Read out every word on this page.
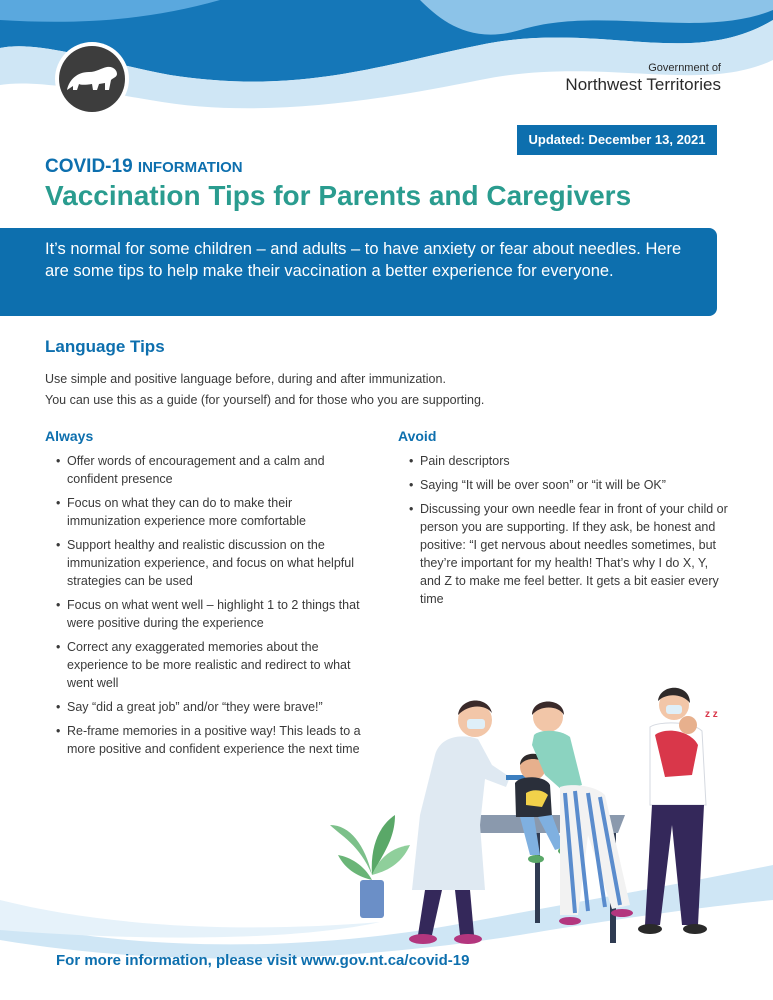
Government of
Northwest Territories
Updated: December 13, 2021
COVID-19 INFORMATION
Vaccination Tips for Parents and Caregivers

It’s normal for some children – and adults – to have anxiety or fear about needles. Here are some tips to help make their vaccination a better experience for everyone.

Language Tips
Use simple and positive language before, during and after immunization.
You can use this as a guide (for yourself) and for those who you are supporting.
Always
• Offer words of encouragement and a calm and confident presence
• Focus on what they can do to make their immunization experience more comfortable
• Support healthy and realistic discussion on the immunization experience, and focus on what helpful strategies can be used
• Focus on what went well – highlight 1 to 2 things that were positive during the experience
• Correct any exaggerated memories about the experience to be more realistic and redirect to what went well
• Say “did a great job” and/or “they were brave!”
• Re-frame memories in a positive way! This leads to a more positive and confident experience the next time
Avoid
• Pain descriptors
• Saying “It will be over soon” or “it will be OK”
• Discussing your own needle fear in front of your child or person you are supporting. If they ask, be honest and positive: “I get nervous about needles sometimes, but they’re important for my health! That’s why I do X, Y, and Z to make me feel better. It gets a bit easier every time
z z
For more information, please visit www.gov.nt.ca/covid-19
